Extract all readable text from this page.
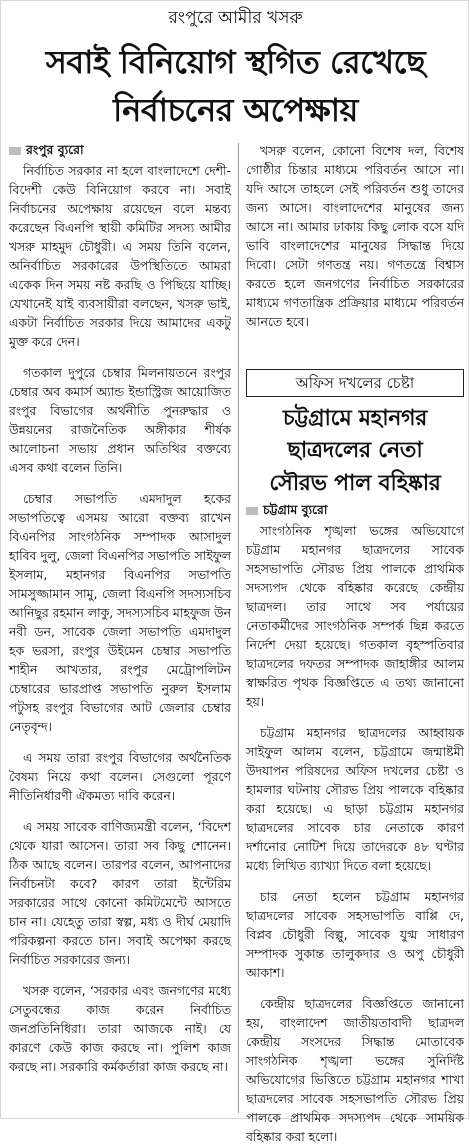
রংপুরে আমীর খসরু
সবাই বিনিয়োগ স্থগিত রেখেছে
নির্বাচনের অপেক্ষায়
রংপুর ব্যুরো

নির্বাচিত সরকার না হলে বাংলাদেশে দেশী-বিদেশী কেউ বিনিয়োগ করবে না। সবাই নির্বাচনের অপেক্ষায় রয়েছেন বলে মন্তব্য করেছেন বিএনপি স্থায়ী কমিটির সদস্য আমীর খসরু মাহমুদ চৌধুরী। এ সময় তিনি বলেন, অনির্বাচিত সরকারের উপস্থিতিতে আমরা একেক দিন সময় নষ্ট করছি ও পিছিয়ে যাচ্ছি। যেখানেই যাই ব্যবসায়ীরা বলছেন, খসরু ভাই, একটা নির্বাচিত সরকার দিয়ে আমাদের একটু মুক্ত করে দেন।

গতকাল দুপুরে চেম্বার মিলনায়তনে রংপুর চেম্বার অব কমার্স অ্যান্ড ইন্ডাস্ট্রিজ আয়োজিত রংপুর বিভাগের অর্থনীতি পুনরুদ্ধার ও উন্নয়নের রাজনৈতিক অঙ্গীকার শীর্ষক আলোচনা সভায় প্রধান অতিথির বক্তব্যে এসব কথা বলেন তিনি।

চেম্বার সভাপতি এমদাদুল হকের সভাপতিত্বে এসময় আরো বক্তব্য রাখেন বিএনপির সাংগঠনিক সম্পাদক আসাদুল হাবিব দুলু, জেলা বিএনপির সভাপতি সাইফুল ইসলাম, মহানগর বিএনপির সভাপতি সামসুজ্জামান সামু, জেলা বিএনপি সদস্যসচিব আনিছুর রহমান লাকু, সদস্যসচিব মাহফুজ উন নবী ডন, সাবেক জেলা সভাপতি এমদাদুল হক ভরসা, রংপুর উইমেন চেম্বার সভাপতি শাহীন আখতার, রংপুর মেট্রোপলিটন চেম্বারের ভারপ্রাপ্ত সভাপতি নুরুল ইসলাম পটুসহ রংপুর বিভাগের আট জেলার চেম্বার নেতৃবৃন্দ।

এ সময় তারা রংপুর বিভাগের অর্থনৈতিক বৈষম্য নিয়ে কথা বলেন। সেগুলো পূরণে নীতিনির্ধারণী ঐকমত্য দাবি করেন।

এ সময় সাবেক বাণিজ্যমন্ত্রী বলেন, ‘বিদেশ থেকে যারা আসেন। তারা সব কিছু শোনেন। ঠিক আছে বলেন। তারপর বলেন, আপনাদের নির্বাচনটা কবে? কারণ তারা ইন্টেরিম সরকারের সাথে কোনো কমিটমেন্টে আসতে চান না। যেহেতু তারা স্বল্প, মধ্য ও দীর্ঘ মেয়াদি পরিকল্পনা করতে চান। সবাই অপেক্ষা করছে নির্বাচিত সরকারের জন্য।

খসরু বলেন, ‘সরকার এবং জনগণের মধ্যে সেতুবন্ধের কাজ করেন নির্বাচিত জনপ্রতিনিধিরা। তারা আজকে নাই। যে কারণে কেউ কাজ করছে না। পুলিশ কাজ করছে না। সরকারি কর্মকর্তারা কাজ করছে না।

খসরু বলেন, কোনো বিশেষ দল, বিশেষ গোষ্ঠীর চিন্তার মাধ্যমে পরিবর্তন আসে না। যদি আসে তাহলে সেই পরিবর্তন শুধু তাদের জন্য আসে। বাংলাদেশের মানুষের জন্য আসে না। আমার ঢাকায় কিছু লোক বসে যদি ভাবি বাংলাদেশের মানুষের সিদ্ধান্ত দিয়ে দিবো। সেটা গণতন্ত্র নয়। গণতন্ত্রে বিশ্বাস করতে হলে জনগণের নির্বাচিত সরকারের মাধ্যমে গণতান্ত্রিক প্রক্রিয়ার মাধ্যমে পরিবর্তন আনতে হবে।

অফিস দখলের চেষ্টা
চট্টগ্রামে মহানগর
ছাত্রদলের নেতা
সৌরভ পাল বহিষ্কার
চট্টগ্রাম ব্যুরো

সাংগঠনিক শৃঙ্খলা ভঙ্গের অভিযোগে চট্টগ্রাম মহানগর ছাত্রদলের সাবেক সহসভাপতি সৌরভ প্রিয় পালকে প্রাথমিক সদস্যপদ থেকে বহিষ্কার করেছে কেন্দ্রীয় ছাত্রদল। তার সাথে সব পর্যায়ের নেতাকর্মীদের সাংগঠনিক সম্পর্ক ছিন্ন করতে নির্দেশ দেয়া হয়েছে। গতকাল বৃহস্পতিবার ছাত্রদলের দফতর সম্পাদক জাহাঙ্গীর আলম স্বাক্ষরিত পৃথক বিজ্ঞপ্তিতে এ তথ্য জানানো হয়।

চট্টগ্রাম মহানগর ছাত্রদলের আহ্বায়ক সাইফুল আলম বলেন, চট্টগ্রামে জন্মাষ্টমী উদযাপন পরিষদের অফিস দখলের চেষ্টা ও হামলার ঘটনায় সৌরভ প্রিয় পালকে বহিষ্কার করা হয়েছে। এ ছাড়া চট্টগ্রাম মহানগর ছাত্রদলের সাবেক চার নেতাকে কারণ দর্শানোর নোটিশ দিয়ে তাদেরকে ৪৮ ঘণ্টার মধ্যে লিখিত ব্যাখ্যা দিতে বলা হয়েছে।

চার নেতা হলেন চট্টগ্রাম মহানগর ছাত্রদলের সাবেক সহসভাপতি বাপ্পি দে, বিপ্লব চৌধুরী বিল্পু, সাবেক যুগ্ম সাধারণ সম্পাদক সুকান্ত তালুকদার ও অপু চৌধুরী আকাশ।

কেন্দ্রীয় ছাত্রদলের বিজ্ঞপ্তিতে জানানো হয়, বাংলাদেশ জাতীয়তাবাদী ছাত্রদল কেন্দ্রীয় সংসদের সিদ্ধান্ত মোতাবেক সাংগঠনিক শৃঙ্খলা ভঙ্গের সুনির্দিষ্ট অভিযোগের ভিত্তিতে চট্টগ্রাম মহানগর শাখা ছাত্রদলের সাবেক সহসভাপতি সৌরভ প্রিয় পালকে প্রাথমিক সদস্যপদ থেকে সাময়িক বহিষ্কার করা হলো।
